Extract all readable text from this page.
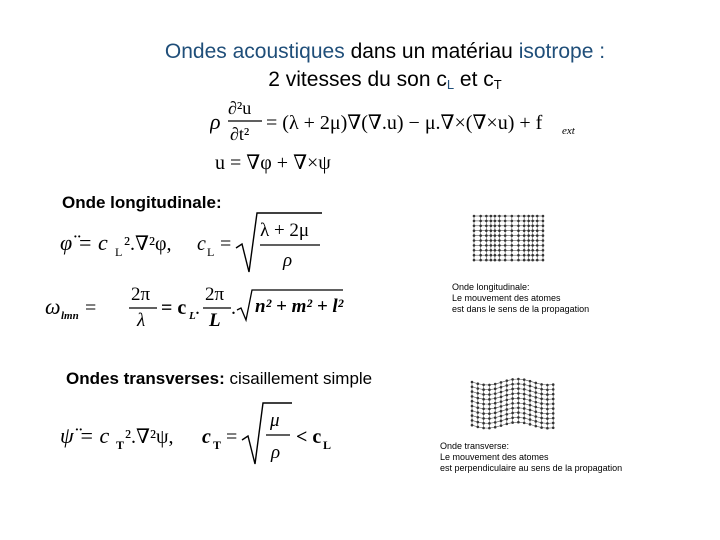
Ondes acoustiques dans un matériau isotrope :
2 vitesses du son $c_L$ et $c_T$
ρ
∂²u
∂t² = (λ + 2μ)∇(∇.u) − μ.∇×(∇×u) + f ext
u = ∇φ + ∇×ψ
Onde longitudinale:
φ̈ = c L ².∇²φ, c L =
λ + 2μ
ρ
ω lmn =
2π
λ
= c L .
2π
L
. n² + m² + l²
Ondes transverses: cisaillement simple
ψ̈ = c T ².∇²ψ, c T =
μ
ρ
< c L
Onde longitudinale:
Le mouvement des atomes
est dans le sens de la propagation
Onde transverse:
Le mouvement des atomes
est perpendiculaire au sens de la propagation
